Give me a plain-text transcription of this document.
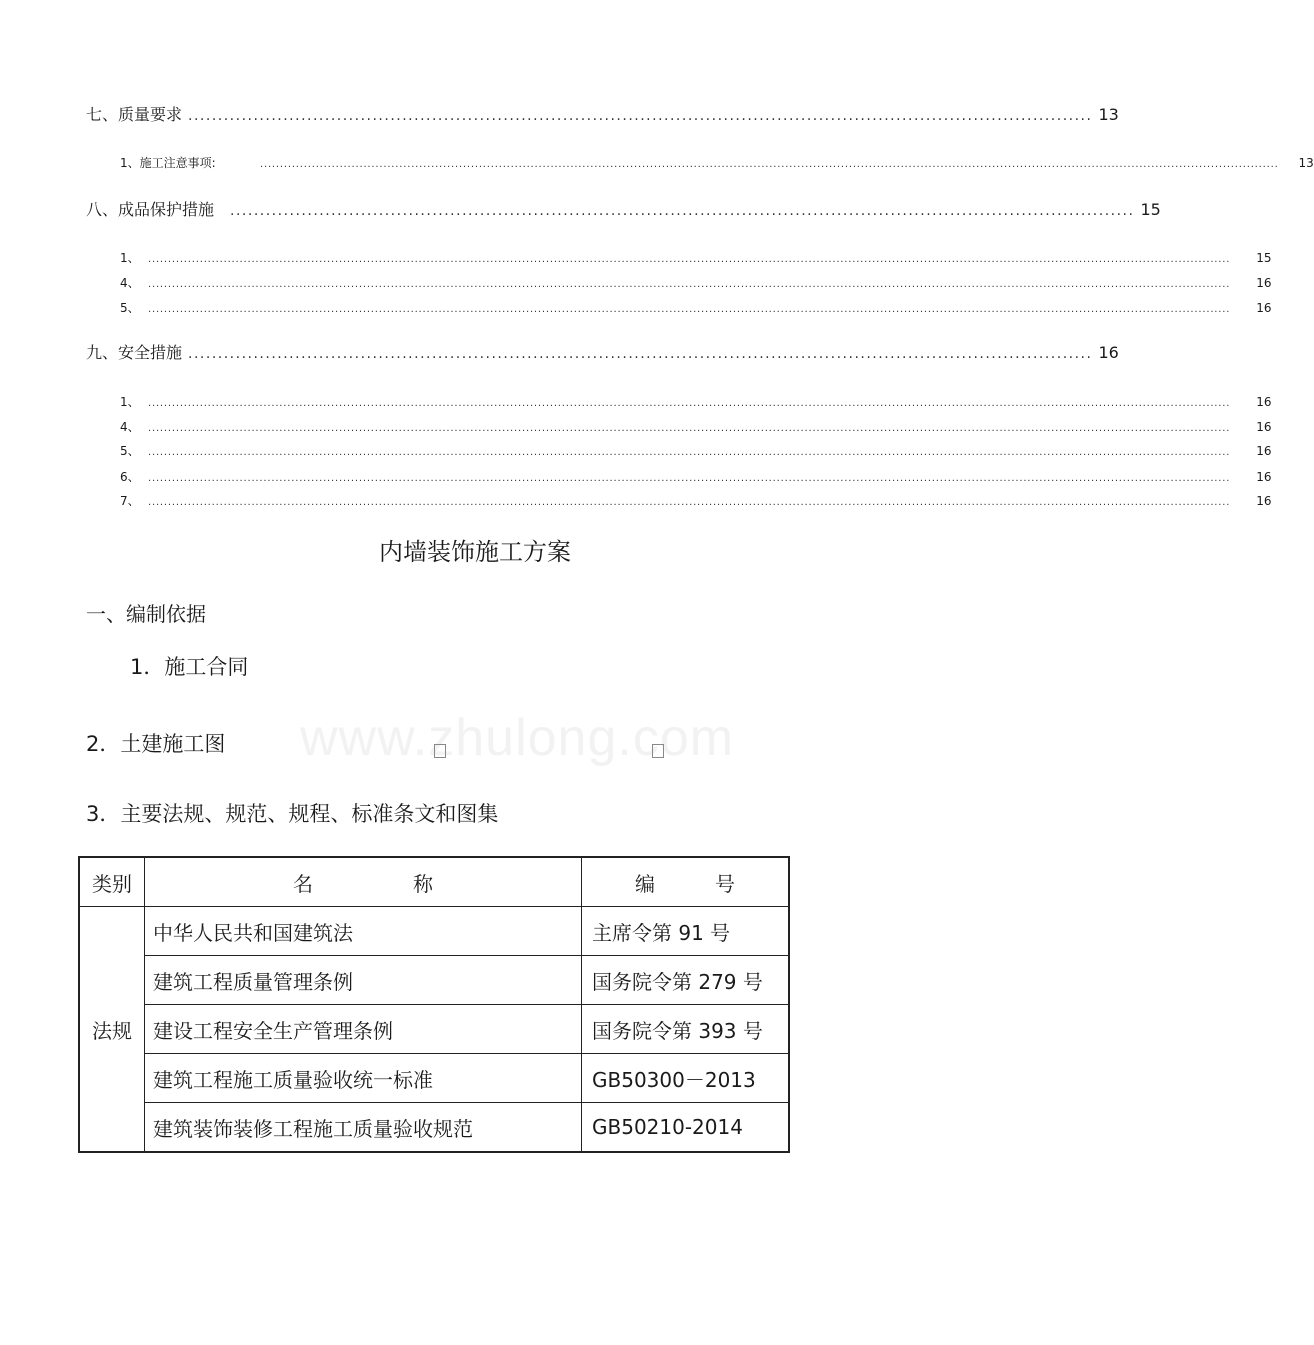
七、质量要求 ........................................................................................................................................................ 13
1、施工注意事项:	................................................................................................................................................................................................................................................................ 13
八、成品保护措施 ........................................................................................................................................................ 15
1、 ................................................................................................................................................................................................................................................................................ 15
4、 ................................................................................................................................................................................................................................................................................ 16
5、 ................................................................................................................................................................................................................................................................................ 16
九、安全措施 ........................................................................................................................................................ 16
1、 ................................................................................................................................................................................................................................................................................ 16
4、 ................................................................................................................................................................................................................................................................................ 16
5、 ................................................................................................................................................................................................................................................................................ 16
6、 ................................................................................................................................................................................................................................................................................ 16
7、 ................................................................................................................................................................................................................................................................................ 16
内墙装饰施工方案
一、编制依据
1．施工合同
www.zhulong.com
2．土建施工图
3．主要法规、规范、规程、标准条文和图集
类别	名　　　　　称	编　　　号
法规	中华人民共和国建筑法	主席令第 91 号
	建筑工程质量管理条例	国务院令第 279 号
	建设工程安全生产管理条例	国务院令第 393 号
	建筑工程施工质量验收统一标准	GB50300－2013
	建筑装饰装修工程施工质量验收规范	GB50210-2014
